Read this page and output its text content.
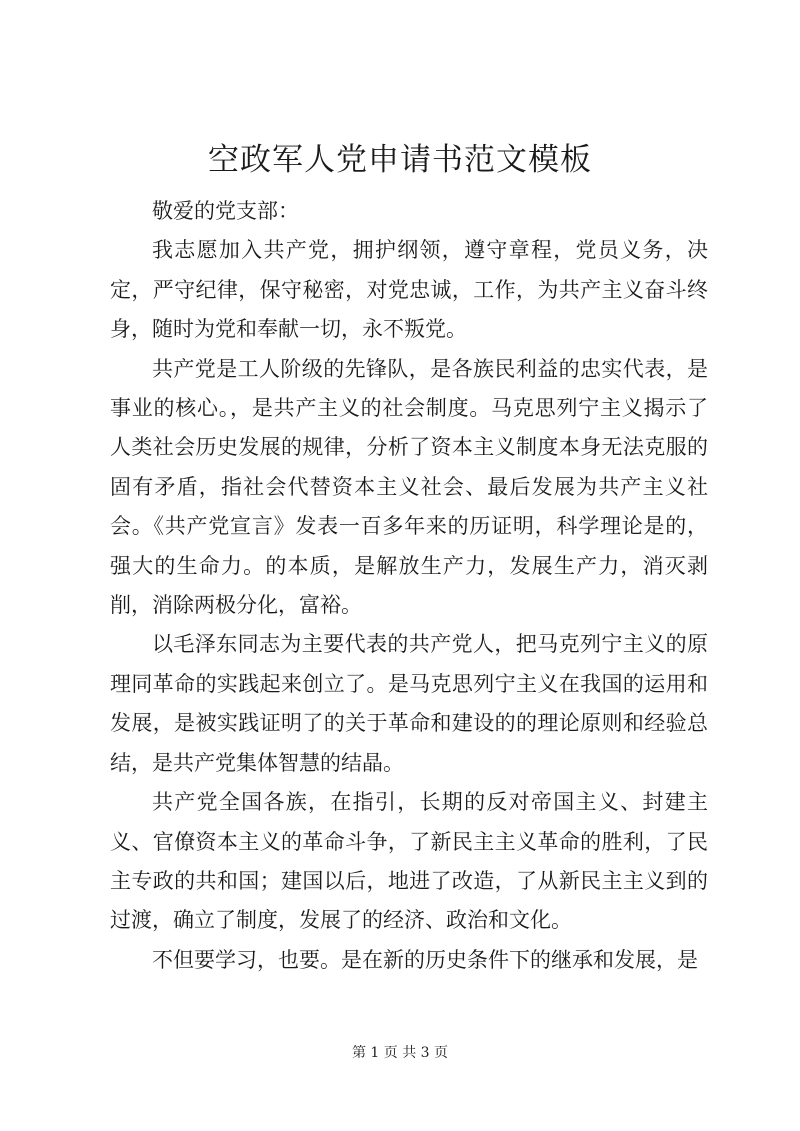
空政军人党申请书范文模板

敬爱的党支部：

我志愿加入共产党，拥护纲领，遵守章程，党员义务，决定，严守纪律，保守秘密，对党忠诚，工作，为共产主义奋斗终身，随时为党和奉献一切，永不叛党。

共产党是工人阶级的先锋队，是各族民利益的忠实代表，是事业的核心。，是共产主义的社会制度。马克思列宁主义揭示了人类社会历史发展的规律，分析了资本主义制度本身无法克服的固有矛盾，指社会代替资本主义社会、最后发展为共产主义社会。《共产党宣言》发表一百多年来的历证明，科学理论是的，强大的生命力。的本质，是解放生产力，发展生产力，消灭剥削，消除两极分化，富裕。

以毛泽东同志为主要代表的共产党人，把马克列宁主义的原理同革命的实践起来创立了。是马克思列宁主义在我国的运用和发展，是被实践证明了的关于革命和建设的的理论原则和经验总结，是共产党集体智慧的结晶。

共产党全国各族，在指引，长期的反对帝国主义、封建主义、官僚资本主义的革命斗争，了新民主主义革命的胜利，了民主专政的共和国；建国以后，地进了改造，了从新民主主义到的过渡，确立了制度，发展了的经济、政治和文化。

不但要学习，也要。是在新的历史条件下的继承和发展，是

第 1 页 共 3 页
